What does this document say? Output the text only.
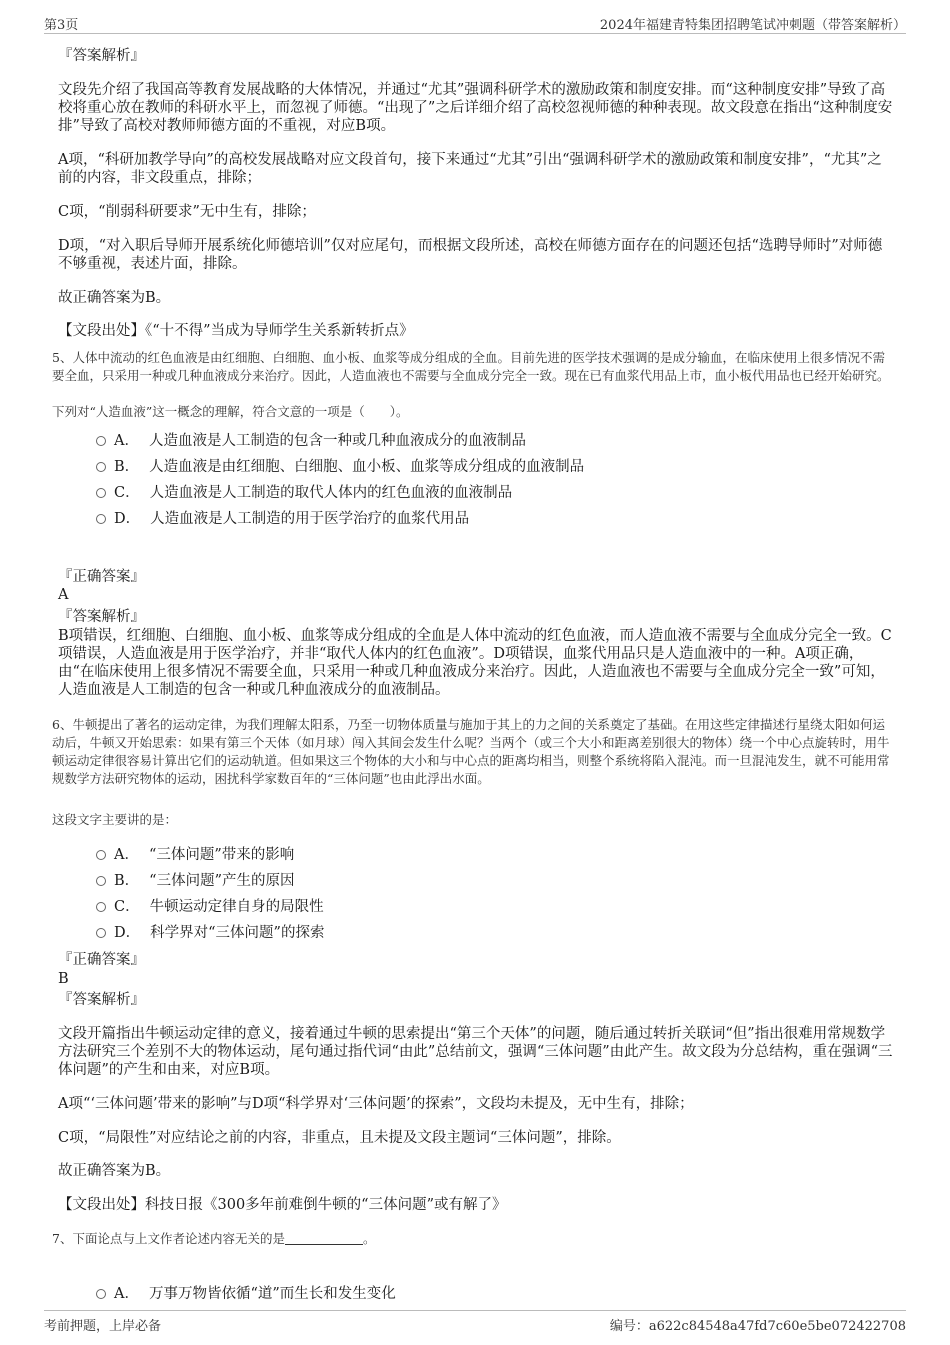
第3页	2024年福建青特集团招聘笔试冲刺题（带答案解析）
『答案解析』
文段先介绍了我国高等教育发展战略的大体情况，并通过“尤其”强调科研学术的激励政策和制度安排。而“这种制度安排”导致了高校将重心放在教师的科研水平上，而忽视了师德。“出现了”之后详细介绍了高校忽视师德的种种表现。故文段意在指出“这种制度安排”导致了高校对教师师德方面的不重视，对应B项。
A项，“科研加教学导向”的高校发展战略对应文段首句，接下来通过“尤其”引出“强调科研学术的激励政策和制度安排”，“尤其”之前的内容，非文段重点，排除；
C项，“削弱科研要求”无中生有，排除；
D项，“对入职后导师开展系统化师德培训”仅对应尾句，而根据文段所述，高校在师德方面存在的问题还包括“选聘导师时”对师德不够重视，表述片面，排除。
故正确答案为B。
【文段出处】《“十不得”当成为导师学生关系新转折点》
5、人体中流动的红色血液是由红细胞、白细胞、血小板、血浆等成分组成的全血。目前先进的医学技术强调的是成分输血，在临床使用上很多情况不需要全血，只采用一种或几种血液成分来治疗。因此，人造血液也不需要与全血成分完全一致。现在已有血浆代用品上市，血小板代用品也已经开始研究。
下列对“人造血液”这一概念的理解，符合文意的一项是（　　）。
A． 人造血液是人工制造的包含一种或几种血液成分的血液制品
B． 人造血液是由红细胞、白细胞、血小板、血浆等成分组成的血液制品
C． 人造血液是人工制造的取代人体内的红色血液的血液制品
D． 人造血液是人工制造的用于医学治疗的血浆代用品
『正确答案』
A
『答案解析』
B项错误，红细胞、白细胞、血小板、血浆等成分组成的全血是人体中流动的红色血液，而人造血液不需要与全血成分完全一致。C项错误，人造血液是用于医学治疗，并非“取代人体内的红色血液”。D项错误，血浆代用品只是人造血液中的一种。A项正确，由“在临床使用上很多情况不需要全血，只采用一种或几种血液成分来治疗。因此，人造血液也不需要与全血成分完全一致”可知，人造血液是人工制造的包含一种或几种血液成分的血液制品。
6、牛顿提出了著名的运动定律，为我们理解太阳系，乃至一切物体质量与施加于其上的力之间的关系奠定了基础。在用这些定律描述行星绕太阳如何运动后，牛顿又开始思索：如果有第三个天体（如月球）闯入其间会发生什么呢？当两个（或三个大小和距离差别很大的物体）绕一个中心点旋转时，用牛顿运动定律很容易计算出它们的运动轨道。但如果这三个物体的大小和与中心点的距离均相当，则整个系统将陷入混沌。而一旦混沌发生，就不可能用常规数学方法研究物体的运动，困扰科学家数百年的“三体问题”也由此浮出水面。
这段文字主要讲的是：
A． “三体问题”带来的影响
B． “三体问题”产生的原因
C． 牛顿运动定律自身的局限性
D． 科学界对“三体问题”的探索
『正确答案』
B
『答案解析』
文段开篇指出牛顿运动定律的意义，接着通过牛顿的思索提出“第三个天体”的问题，随后通过转折关联词“但”指出很难用常规数学方法研究三个差别不大的物体运动，尾句通过指代词“由此”总结前文，强调“三体问题”由此产生。故文段为分总结构，重在强调“三体问题”的产生和由来，对应B项。
A项“‘三体问题’带来的影响”与D项“科学界对‘三体问题’的探索”，文段均未提及，无中生有，排除；
C项，“局限性”对应结论之前的内容，非重点，且未提及文段主题词“三体问题”，排除。
故正确答案为B。
【文段出处】科技日报《300多年前难倒牛顿的“三体问题”或有解了》
7、下面论点与上文作者论述内容无关的是	。
A． 万事万物皆依循“道”而生长和发生变化
考前押题，上岸必备	编号：a622c84548a47fd7c60e5be072422708
